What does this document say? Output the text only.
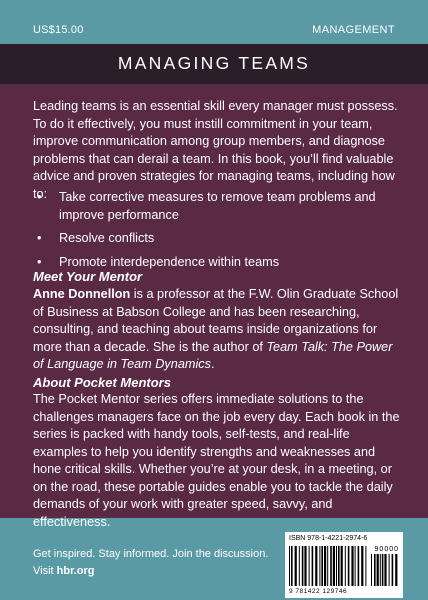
US$15.00	MANAGEMENT
MANAGING TEAMS

Leading teams is an essential skill every manager must possess. To do it effectively, you must instill commitment in your team, improve communication among group members, and diagnose problems that can derail a team. In this book, you’ll find valuable advice and proven strategies for managing teams, including how to:

• Take corrective measures to remove team problems and improve performance
• Resolve conflicts
• Promote interdependence within teams
Meet Your Mentor

Anne Donnellon is a professor at the F.W. Olin Graduate School of Business at Babson College and has been researching, consulting, and teaching about teams inside organizations for more than a decade. She is the author of Team Talk: The Power of Language in Team Dynamics.

About Pocket Mentors

The Pocket Mentor series offers immediate solutions to the challenges managers face on the job every day. Each book in the series is packed with handy tools, self-tests, and real-life examples to help you identify strengths and weaknesses and hone critical skills. Whether you’re at your desk, in a meeting, or on the road, these portable guides enable you to tackle the daily demands of your work with greater speed, savvy, and effectiveness.

Get inspired. Stay informed. Join the discussion.
Visit hbr.org
ISBN 978-1-4221-2974-6
90000
9 781422 129746
